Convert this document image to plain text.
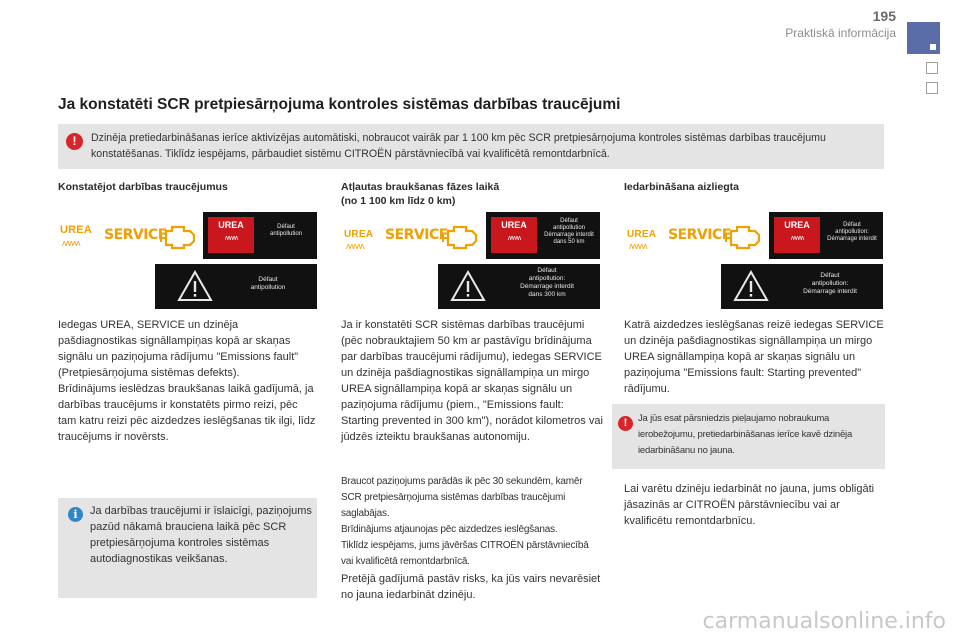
195
Praktiskā informācija
Ja konstatēti SCR pretpiesārņojuma kontroles sistēmas darbības traucējumi
!	Dzinēja pretiedarbināšanas ierīce aktivizējas automātiski, nobraucot vairāk par 1 100 km pēc SCR pretpiesārņojuma kontroles sistēmas darbības traucējumu konstatēšanas. Tiklīdz iespējams, pārbaudiet sistēmu CITROËN pārstāvniecībā vai kvalificētā remontdarbnīcā.
Konstatējot darbības traucējumus	Atļautas braukšanas fāzes laikā
(no 1 100 km līdz 0 km)
Iedarbināšana aizliegta
UREA
ʌʌʌʌʌ SERVICE
UREA
ʌʌʌʌʌ
Défaut
antipollution
Défaut
antipollution
UREA
ʌʌʌʌʌ
SERVICE
UREA
ʌʌʌʌʌ
Défaut
antipollution
Démarrage interdit
dans 50 km
Défaut
antipollution:
Démarrage interdit
dans 300 km
UREA
ʌʌʌʌʌ
SERVICE
UREA
ʌʌʌʌʌ
Défaut
antipollution:
Démarrage interdit
Défaut
antipollution:
Démarrage interdit
Iedegas UREA, SERVICE un dzinēja pašdiagnostikas signāllampiņas kopā ar skaņas signālu un paziņojuma rādījumu "Emissions fault" (Pretpiesārņojuma sistēmas defekts).
Brīdinājums ieslēdzas braukšanas laikā gadījumā, ja darbības traucējums ir konstatēts pirmo reizi, pēc tam katru reizi pēc aizdedzes ieslēgšanas tik ilgi, līdz traucējums ir novērsts.
i	Ja darbības traucējumi ir īslaicīgi, paziņojums pazūd nākamā brauciena laikā pēc SCR pretpiesārņojuma kontroles sistēmas autodiagnostikas veikšanas.
Ja ir konstatēti SCR sistēmas darbības traucējumi (pēc nobrauktajiem 50 km ar pastāvīgu brīdinājuma par darbības traucējumi rādījumu), iedegas SERVICE un dzinēja pašdiagnostikas signāllampiņa un mirgo UREA signāllampiņa kopā ar skaņas signālu un paziņojuma rādījumu (piem., "Emissions fault: Starting prevented in 300 km"), norādot kilometros vai jūdzēs izteiktu braukšanas autonomiju.
Braucot paziņojums parādās ik pēc 30 sekundēm, kamēr SCR pretpiesārņojuma sistēmas darbības traucējumi saglabājas.
Brīdinājums atjaunojas pēc aizdedzes ieslēgšanas.
Tiklīdz iespējams, jums jāvēršas CITROËN pārstāvniecībā vai kvalificētā remontdarbnīcā.
Pretējā gadījumā pastāv risks, ka jūs vairs nevarēsiet no jauna iedarbināt dzinēju.
Katrā aizdedzes ieslēgšanas reizē iedegas SERVICE un dzinēja pašdiagnostikas signāllampiņa un mirgo UREA signāllampiņa kopā ar skaņas signālu un paziņojuma "Emissions fault: Starting prevented" rādījumu.
!	Ja jūs esat pārsniedzis pieļaujamo nobraukuma ierobežojumu, pretiedarbināšanas ierīce kavē dzinēja iedarbināšanu no jauna.
Lai varētu dzinēju iedarbināt no jauna, jums obligāti jāsazinās ar CITROËN pārstāvniecību vai ar kvalificētu remontdarbnīcu.
carmanualsonline.info
